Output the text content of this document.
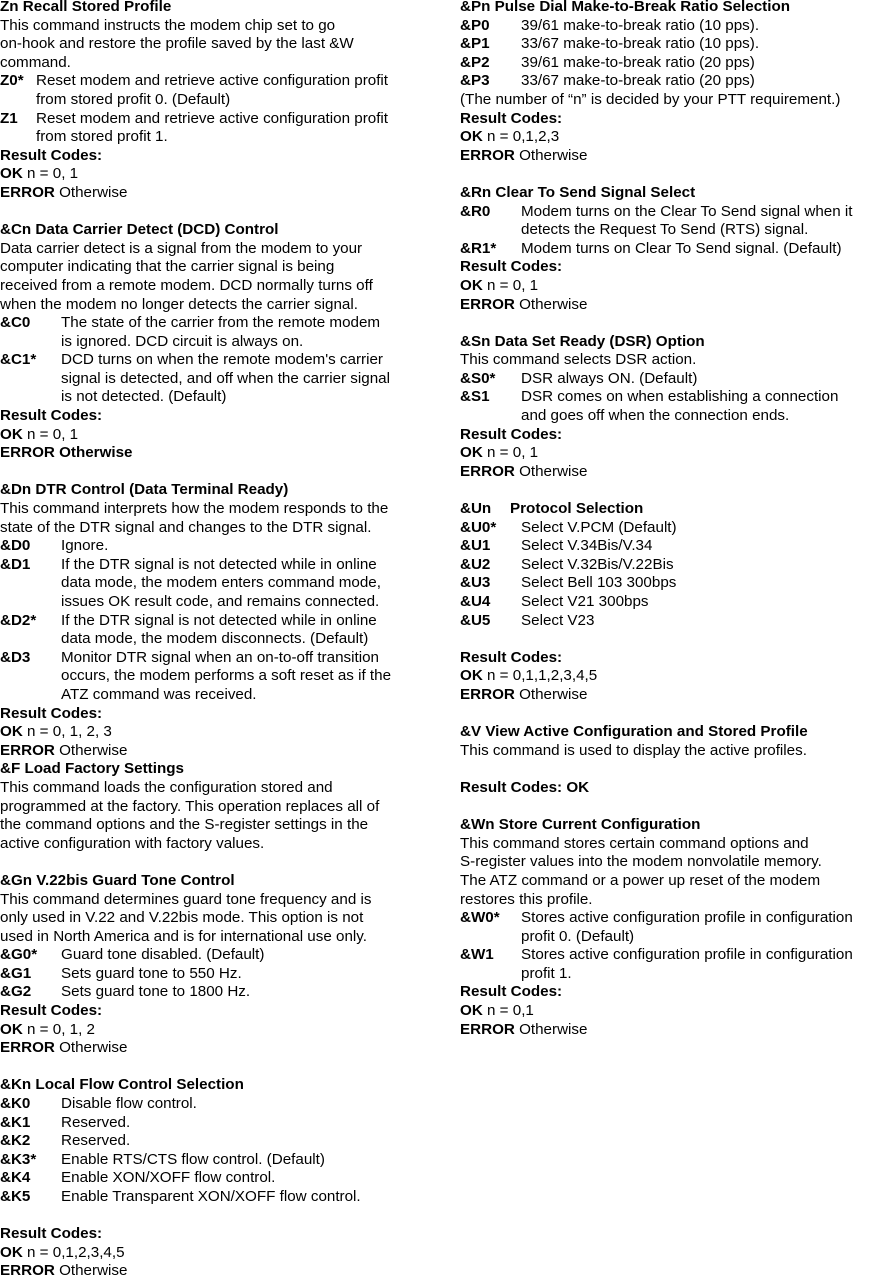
Zn Recall Stored Profile
This command instructs the modem chip set to go
on-hook and restore the profile saved by the last &W
command.
Z0* Reset modem and retrieve active configuration profit
from stored profit 0. (Default)
Z1	Reset modem and retrieve active configuration profit
from stored profit 1.
Result Codes:
OK n = 0, 1
ERROR Otherwise
&Cn Data Carrier Detect (DCD) Control
Data carrier detect is a signal from the modem to your
computer indicating that the carrier signal is being
received from a remote modem. DCD normally turns off
when the modem no longer detects the carrier signal.
&C0	The state of the carrier from the remote modem
is ignored. DCD circuit is always on.
&C1*	DCD turns on when the remote modem's carrier
signal is detected, and off when the carrier signal
is not detected. (Default)
Result Codes:
OK n = 0, 1
ERROR Otherwise
&Dn DTR Control (Data Terminal Ready)
This command interprets how the modem responds to the
state of the DTR signal and changes to the DTR signal.
&D0	Ignore.
&D1	If the DTR signal is not detected while in online
data mode, the modem enters command mode,
issues OK result code, and remains connected.
&D2*	If the DTR signal is not detected while in online
data mode, the modem disconnects. (Default)
&D3	Monitor DTR signal when an on-to-off transition
occurs, the modem performs a soft reset as if the
ATZ command was received.
Result Codes:
OK n = 0, 1, 2, 3
ERROR Otherwise
&F Load Factory Settings
This command loads the configuration stored and
programmed at the factory. This operation replaces all of
the command options and the S-register settings in the
active configuration with factory values.
&Gn V.22bis Guard Tone Control
This command determines guard tone frequency and is
only used in V.22 and V.22bis mode. This option is not
used in North America and is for international use only.
&G0*	Guard tone disabled. (Default)
&G1	Sets guard tone to 550 Hz.
&G2	Sets guard tone to 1800 Hz.
Result Codes:
OK n = 0, 1, 2
ERROR Otherwise
&Kn Local Flow Control Selection
&K0	Disable flow control.
&K1	Reserved.
&K2	Reserved.
&K3*	Enable RTS/CTS flow control. (Default)
&K4	Enable XON/XOFF flow control.
&K5	Enable Transparent XON/XOFF flow control.
Result Codes:
OK n = 0,1,2,3,4,5
ERROR Otherwise
&Pn Pulse Dial Make-to-Break Ratio Selection
&P0	39/61 make-to-break ratio (10 pps).
&P1	33/67 make-to-break ratio (10 pps).
&P2	39/61 make-to-break ratio (20 pps)
&P3	33/67 make-to-break ratio (20 pps)
(The number of “n” is decided by your PTT requirement.)
Result Codes:
OK n = 0,1,2,3
ERROR Otherwise
&Rn Clear To Send Signal Select
&R0	Modem turns on the Clear To Send signal when it
detects the Request To Send (RTS) signal.
&R1*	Modem turns on Clear To Send signal. (Default)
Result Codes:
OK n = 0, 1
ERROR Otherwise
&Sn Data Set Ready (DSR) Option
This command selects DSR action.
&S0*	DSR always ON. (Default)
&S1	DSR comes on when establishing a connection
and goes off when the connection ends.
Result Codes:
OK n = 0, 1
ERROR Otherwise
&Un Protocol Selection
&U0*	Select V.PCM (Default)
&U1	Select V.34Bis/V.34
&U2	Select V.32Bis/V.22Bis
&U3	Select Bell 103 300bps
&U4	Select V21 300bps
&U5	Select V23
Result Codes:
OK n = 0,1,1,2,3,4,5
ERROR Otherwise
&V View Active Configuration and Stored Profile
This command is used to display the active profiles.
Result Codes: OK
&Wn Store Current Configuration
This command stores certain command options and
S-register values into the modem nonvolatile memory.
The ATZ command or a power up reset of the modem
restores this profile.
&W0*	Stores active configuration profile in configuration
profit 0. (Default)
&W1	Stores active configuration profile in configuration
profit 1.
Result Codes:
OK n = 0,1
ERROR Otherwise
